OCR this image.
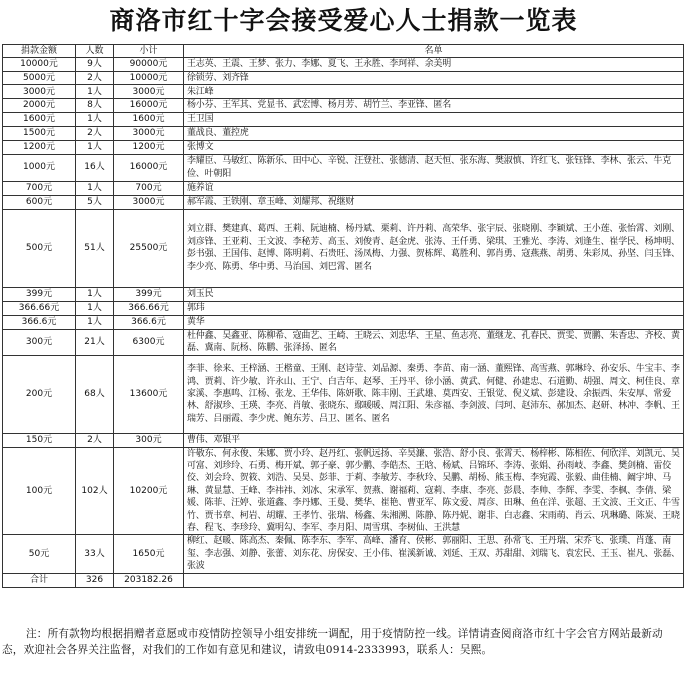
商洛市红十字会接受爱心人士捐款一览表
捐款金额	人数	小计	名单
10000元	9人	90000元	王志英、王震、王梦、张力、李娜、夏飞、王永胜、李珂祥、余美明
5000元	2人	10000元	徐锁劳、刘齐锋
3000元	1人	3000元	朱江峰
2000元	8人	16000元	杨小芬、王军其、党显书、武宏博、杨月芳、胡竹兰、李亚锋、匿名
1600元	1人	1600元	王卫国
1500元	2人	3000元	董战良、董控虎
1200元	1人	1200元	张博文
1000元	16人	16000元	李耀臣、马敏红、陈新乐、田中心、辛锐、汪登社、张德清、赵天恒、张东海、樊淑慎、许红飞、张钰锋、李林、张云、牛克俭、叶朝阳
700元	1人	700元	施养谊
600元	5人	3000元	郝军霞、王铁刚、章玉峰、刘耀邦、祝继财
500元	51人	25500元	刘立群、樊建真、葛西、王莉、阮迪楠、杨丹斌、栗莉、许丹莉、高荣华、张宇辰、张晓刚、李颖斌、王小莲、张怡霄、刘刚、刘彦锋、王亚莉、王文波、李秘芳、高玉、刘俊青、赵金虎、张涛、王仟勇、梁琪、王雅光、李涛、刘逢生、崔学民、杨坤明、彭书强、王国伟、赵博、陈明莉、石贵旺、汤凤梅、力强、贺栋辉、葛胜利、郭肖勇、寇燕燕、胡勇、朱彩凤、孙坚、闫玉锋、李少亮、陈勇、华中勇、马治国、刘巴霄、匿名
399元	1人	399元	刘玉民
366.66元	1人	366.66元	郭玮
366.6元	1人	366.6元	黄华
300元	21人	6300元	杜仲鑫、吴鑫亚、陈柳希、寇曲艺、王崎、王晓云、刘忠华、王星、鱼志亮、董继龙、孔春民、贾雯、贾鹏、朱香忠、齐校、黄磊、冀南、阮杨、陈鹏、张泽扬、匿名
200元	68人	13600元	李菲、徐来、王梓涵、王楷童、王刚、赵诗莹、刘品源、秦勇、李苗、南一涵、董熙锋、高雪燕、郭琳玲、孙安乐、牛宝丰、李鸿、贾莉、许少敏、许永山、王宁、白吉年、赵琴、王丹平、徐小涵、黄武、何健、孙建忠、石道勤、胡强、周文、柯佳良、章家溪、李惠鸣、江杨、张龙、王华伟、陈妍歌、陈丰刚、王武雄、莫西安、王银觉、倪义斌、彭建设、余振西、朱安厚、常爱林、舒淑珍、王瑛、李亮、肖敏、张晓东、鄢暖暖、周江阳、朱彦福、李剑波、闫珂、赵沛东、郝加杰、赵研、林冲、李帆、王瑞芳、吕丽霞、李少虎、鲍东芳、吕卫、匿名、匿名
150元	2人	300元	曹伟、邓银平
100元	102人	10200元	许敬东、何永俊、朱娜、贾小玲、赵丹红、张帆远扬、辛昊濂、张浩、舒小良、张霄天、杨梓彬、陈相佐、何欣洋、刘凯元、吴可富、刘珍玲、石勇、梅开斌、郭子豪、郭少鹏、李皓杰、王晗、杨斌、吕锦环、李涛、张娟、孙雨岐、李鑫、樊剑楠、雷佼佼、刘会玲、贺筱、刘浩、吴昊、彭菲、于莉、李敏芳、李秋玲、吴鹏、胡杨、熊玉梅、李宛霞、张毅、曲佳楠、阚宇坤、马琳、黄显慧、王峰、李祎祎、刘冰、宋承军、贺燕、谢福莉、寇莉、李康、李亮、彭晨、李帅、李辉、李雯、李枫、李倩、梁媛、陈菲、汪婷、张道鑫、李丹娜、王曼、樊华、崔艳、曹亚军、陈文爱、周彦、田琳、鱼在洋、张超、王文波、王文正、牛雪竹、贾书章、柯岩、胡耀、王孝竹、张瑞、杨鑫、朱湘溯、陈静、陈丹妮、谢非、白志鑫、宋雨萌、肖云、巩琳璐、陈炭、王晓春、程飞、李珍玲、冀明勾、李军、李月阳、周雪琪、李树仙、王洪慧
50元	33人	1650元	柳红、赵暖、陈高杰、秦佩、陈李东、李军、高峰、潘育、侯彬、郭丽阳、王思、孙常飞、王丹瑞、宋乔飞、张璞、肖蓬、南玺、李志强、刘静、张蕾、刘东花、房保安、王小伟、崔溪新诚、刘延、王双、苏甜甜、刘瑞飞、袁宏民、王玉、崔凡、张磊、张波
合计	326	203182.26	
注：所有款物均根据捐赠者意愿或市疫情防控领导小组安排统一调配，用于疫情防控一线。详情请查阅商洛市红十字会官方网站最新动态，欢迎社会各界关注监督，对我们的工作如有意见和建议，请致电0914-2333993，联系人：吴熙。
